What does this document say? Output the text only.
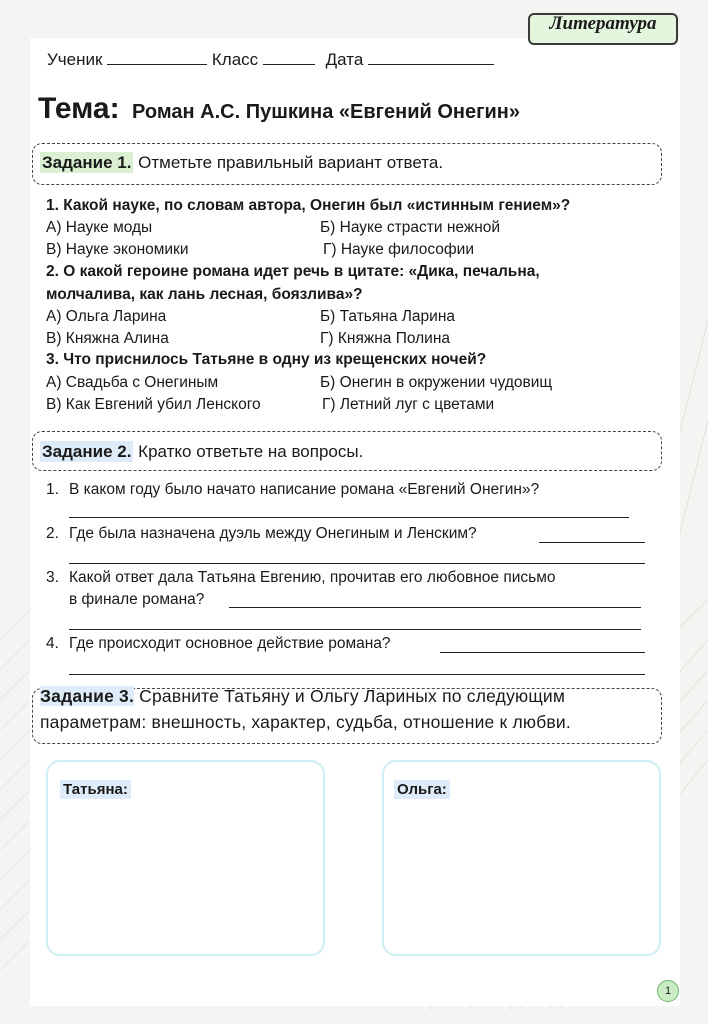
Литература
Ученик	Класс	Дата
Тема: Роман А.С. Пушкина «Евгений Онегин»
Задание 1. Отметьте правильный вариант ответа.
1. Какой науке, по словам автора, Онегин был «истинным гением»?
А) Науке моды	Б) Науке страсти нежной
В) Науке экономики	Г) Науке философии
2. О какой героине романа идет речь в цитате: «Дика, печальна,
молчалива, как лань лесная, боязлива»?
А) Ольга Ларина	Б) Татьяна Ларина
В) Княжна Алина	Г) Княжна Полина
3. Что приснилось Татьяне в одну из крещенских ночей?
А) Свадьба с Онегиным	Б) Онегин в окружении чудовищ
В) Как Евгений убил Ленского	Г) Летний луг с цветами
Задание 2. Кратко ответьте на вопросы.
1. В каком году было начато написание романа «Евгений Онегин»?
2. Где была назначена дуэль между Онегиным и Ленским?
3. Какой ответ дала Татьяна Евгению, прочитав его любовное письмо
в финале романа?
4. Где происходит основное действие романа?
Задание 3. Сравните Татьяну и Ольгу Лариных по следующим параметрам: внешность, характер, судьба, отношение к любви.
Татьяна:	Ольга:
1
